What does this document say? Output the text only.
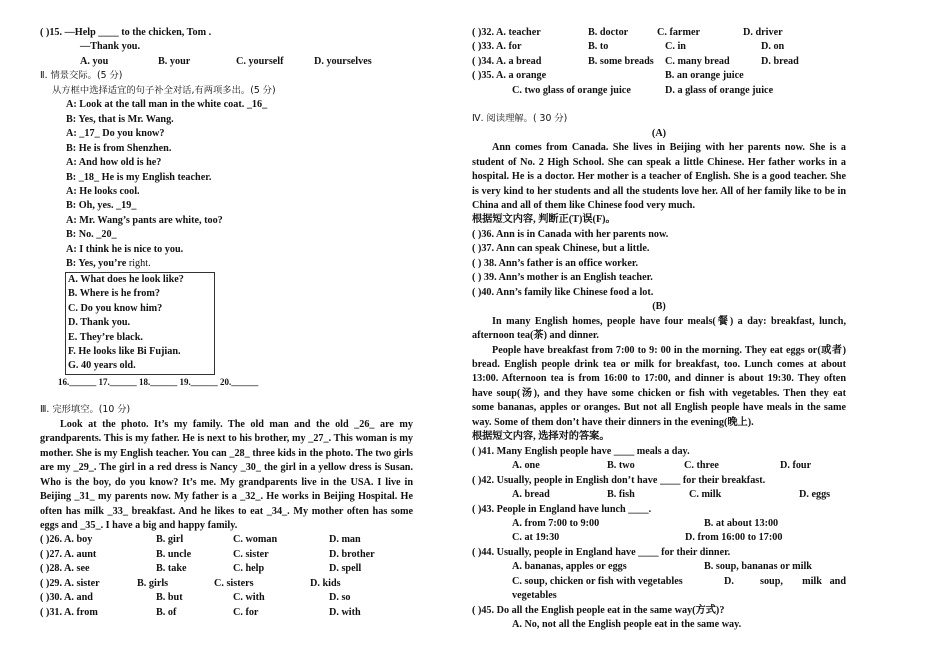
( )15. —Help ____ to the chicken, Tom .
—Thank you.
A. you	B. your	C. yourself	D. yourselves
Ⅱ. 情景交际。(5 分)
从方框中选择适宜的句子补全对话,有两项多出。(5 分)
A: Look at the tall man in the white coat. _16_
B: Yes, that is Mr. Wang.
A: _17_ Do you know?
B: He is from Shenzhen.
A: And how old is he?
B: _18_ He is my English teacher.
A: He looks cool.
B: Oh, yes. _19_
A: Mr. Wang’s pants are white, too?
B: No. _20_
A: I think he is nice to you.
B: Yes, you’re right.
A. What does he look like?
B. Where is he from?
C. Do you know him?
D. Thank you.
E. They’re black.
F. He looks like Bi Fujian.
G. 40 years old.
16.______ 17.______ 18.______ 19.______ 20.______
Ⅲ. 完形填空。(10 分)
Look at the photo. It’s my family. The old man and the old _26_ are my grandparents. This is my father. He is next to his brother, my _27_. This woman is my mother. She is my English teacher. You can _28_ three kids in the photo. The two girls are my _29_. The girl in a red dress is Nancy _30_ the girl in a yellow dress is Susan. Who is the boy, do you know? It’s me. My grandparents live in the USA. I live in Beijing _31_ my parents now. My father is a _32_. He works in Beijing Hospital. He often has milk _33_ breakfast. And he likes to eat _34_. My mother often has some eggs and _35_. I have a big and happy family.
( )26. A. boy	B. girl	C. woman	D. man
( )27. A. aunt	B. uncle	C. sister	D. brother
( )28. A. see	B. take	C. help	D. spell
( )29. A. sister	B. girls	C. sisters	D. kids
( )30. A. and	B. but	C. with	D. so
( )31. A. from	B. of	C. for	D. with
( )32. A. teacher	B. doctor	C. farmer	D. driver
( )33. A. for	B. to	C. in	D. on
( )34. A. a bread	B. some breads	C. many bread	D. bread
( )35. A. a orange	B. an orange juice
C. two glass of orange juice	D. a glass of orange juice
Ⅳ. 阅读理解。( 30 分)
(A)
Ann comes from Canada. She lives in Beijing with her parents now. She is a student of No. 2 High School. She can speak a little Chinese. Her father works in a hospital. He is a doctor. Her mother is a teacher of English. She is a good teacher. She is very kind to her students and all the students love her. All of her family like to be in China and all of them like Chinese food very much.
根据短文内容, 判断正(T)误(F)。
( )36. Ann is in Canada with her parents now.
( )37. Ann can speak Chinese, but a little.
( ) 38. Ann’s father is an office worker.
( ) 39. Ann’s mother is an English teacher.
( )40. Ann’s family like Chinese food a lot.
(B)
In many English homes, people have four meals(餐) a day: breakfast, lunch, afternoon tea(茶) and dinner.
People have breakfast from 7:00 to 9: 00 in the morning. They eat eggs or(或者) bread. English people drink tea or milk for breakfast, too. Lunch comes at about 13:00. Afternoon tea is from 16:00 to 17:00, and dinner is about 19:30. They often have soup(汤), and they have some chicken or fish with vegetables. Then they eat some bananas, apples or oranges. But not all English people have meals in the same way. Some of them don’t have their dinners in the evening(晚上).
根据短文内容, 选择对的答案。
( )41. Many English people have ____ meals a day.
A. one	B. two	C. three	D. four
( )42. Usually, people in English don’t have ____ for their breakfast.
A. bread	B. fish	C. milk	D. eggs
( )43. People in England have lunch ____.
A. from 7:00 to 9:00	B. at about 13:00
C. at 19:30	D. from 16:00 to 17:00
( )44. Usually, people in England have ____ for their dinner.
A. bananas, apples or eggs	B. soup, bananas or milk
C. soup, chicken or fish with vegetables	D.	soup,	milk and
vegetables
( )45. Do all the English people eat in the same way(方式)?
A. No, not all the English people eat in the same way.
